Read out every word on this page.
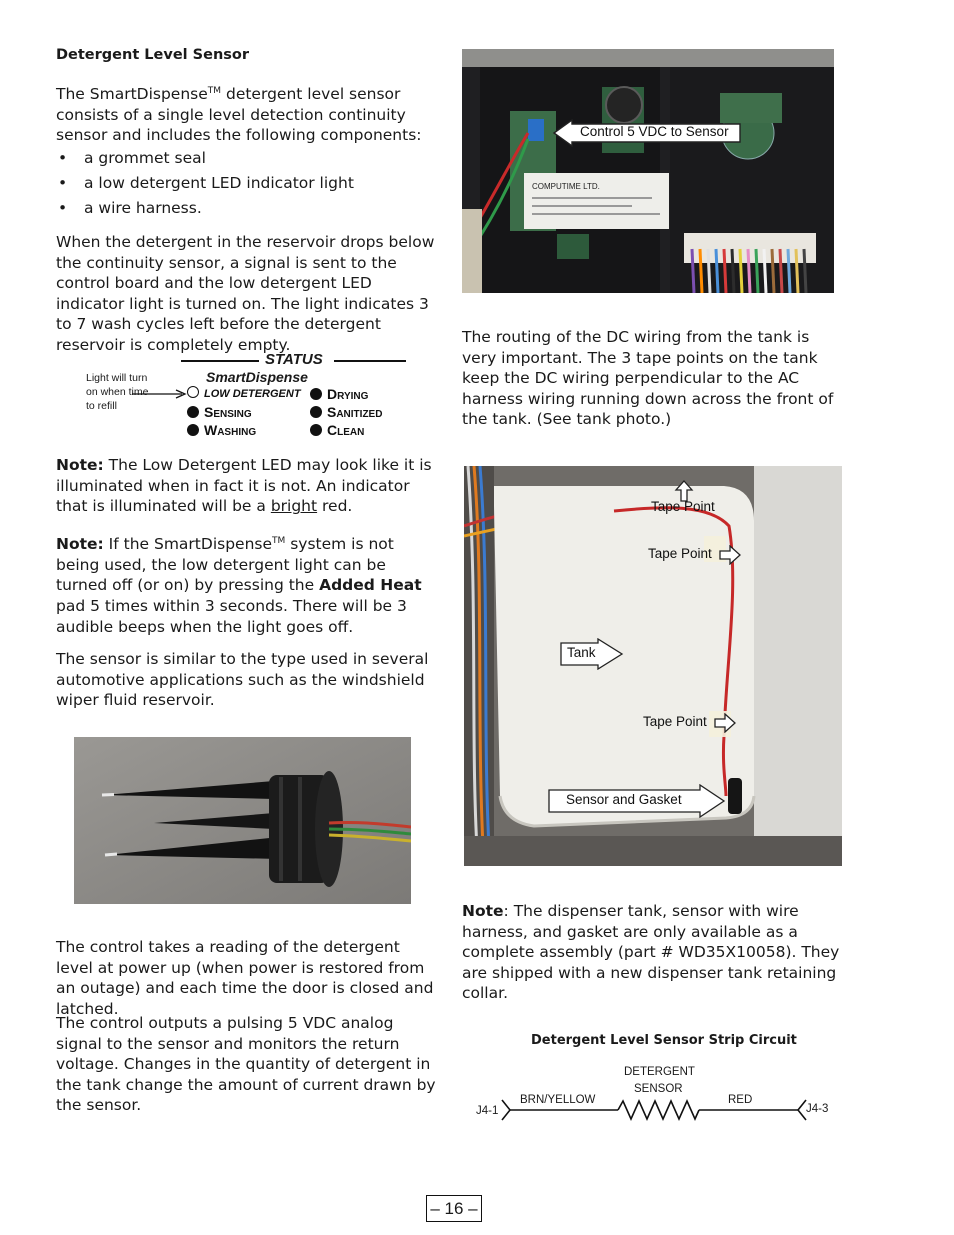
Detergent Level Sensor
The SmartDispense™ detergent level sensor consists of a single level detection continuity sensor and includes the following components:
• a grommet seal
• a low detergent LED indicator light
• a wire harness.
When the detergent in the reservoir drops below the continuity sensor, a signal is sent to the control board and the low detergent LED indicator light is turned on. The light indicates 3 to 7 wash cycles left before the detergent reservoir is completely empty.
STATUS
Light will turn on when time to refill
SmartDispense
LOW DETERGENT
Sensing
Washing
Drying
Sanitized
Clean
Note: The Low Detergent LED may look like it is illuminated when in fact it is not. An indicator that is illuminated will be a bright red.
Note: If the SmartDispense™ system is not being used, the low detergent light can be turned off (or on) by pressing the Added Heat pad 5 times within 3 seconds. There will be 3 audible beeps when the light goes off.
The sensor is similar to the type used in several automotive applications such as the windshield wiper fluid reservoir.
The control takes a reading of the detergent level at power up (when power is restored from an outage) and each time the door is closed and latched.
The control outputs a pulsing 5 VDC analog signal to the sensor and monitors the return voltage. Changes in the quantity of detergent in the tank change the amount of current drawn by the sensor.
COMPUTIME LTD.
Control 5 VDC to Sensor
The routing of the DC wiring from the tank is very important. The 3 tape points on the tank keep the DC wiring perpendicular to the AC harness wiring running down across the front of the tank. (See tank photo.)
Tape Point
Tape Point
Tank
Tape Point
Sensor and Gasket
Note: The dispenser tank, sensor with wire harness, and gasket are only available as a complete assembly (part # WD35X10058). They are shipped with a new dispenser tank retaining collar.
Detergent Level Sensor Strip Circuit
DETERGENT
SENSOR
BRN/YELLOW	RED
J4-1	J4-3
– 16 –
